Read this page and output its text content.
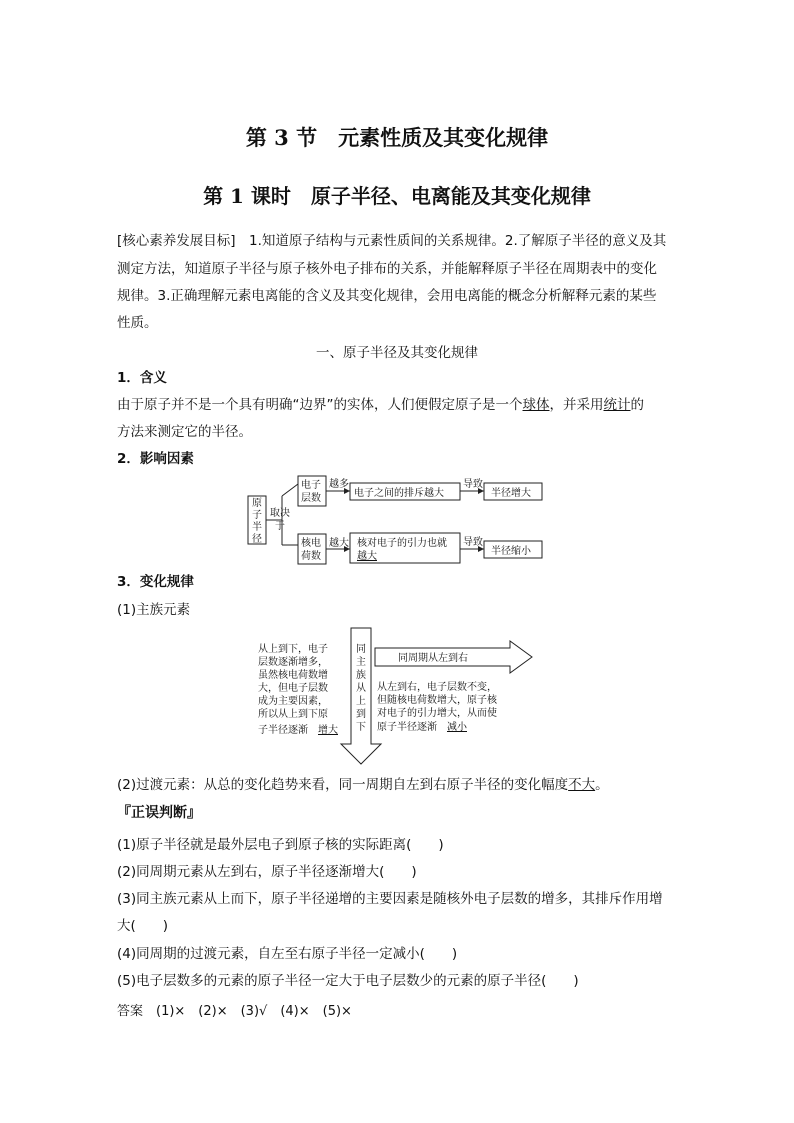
第 3 节　元素性质及其变化规律
第 1 课时　原子半径、电离能及其变化规律
[核心素养发展目标]　1.知道原子结构与元素性质间的关系规律。2.了解原子半径的意义及其
测定方法，知道原子半径与原子核外电子排布的关系，并能解释原子半径在周期表中的变化
规律。3.正确理解元素电离能的含义及其变化规律，会用电离能的概念分析解释元素的某些
性质。
一、原子半径及其变化规律
1．含义
由于原子并不是一个具有明确“边界”的实体，人们便假定原子是一个球体，并采用统计的
方法来测定它的半径。
2．影响因素
原
子
半
径
取决
于
电子
层数
越多
电子之间的排斥越大
导致
半径增大
核电
荷数
越大 核对电子的引力也就
越大
导致
半径缩小
3．变化规律
(1)主族元素
从上到下，电子
层数逐渐增多，
虽然核电荷数增
大，但电子层数
成为主要因素，
所以从上到下原
子半径逐渐 增大
同
主
族
从
上
到
下
同周期从左到右
从左到右，电子层数不变，
但随核电荷数增大，原子核
对电子的引力增大，从而使
原子半径逐渐 减小
(2)过渡元素：从总的变化趋势来看，同一周期自左到右原子半径的变化幅度不大。
『正误判断』
(1)原子半径就是最外层电子到原子核的实际距离(　　)
(2)同周期元素从左到右，原子半径逐渐增大(　　)
(3)同主族元素从上而下，原子半径递增的主要因素是随核外电子层数的增多，其排斥作用增
大(　　)
(4)同周期的过渡元素，自左至右原子半径一定减小(　　)
(5)电子层数多的元素的原子半径一定大于电子层数少的元素的原子半径(　　)
答案　(1)×　(2)×　(3)√　(4)×　(5)×
